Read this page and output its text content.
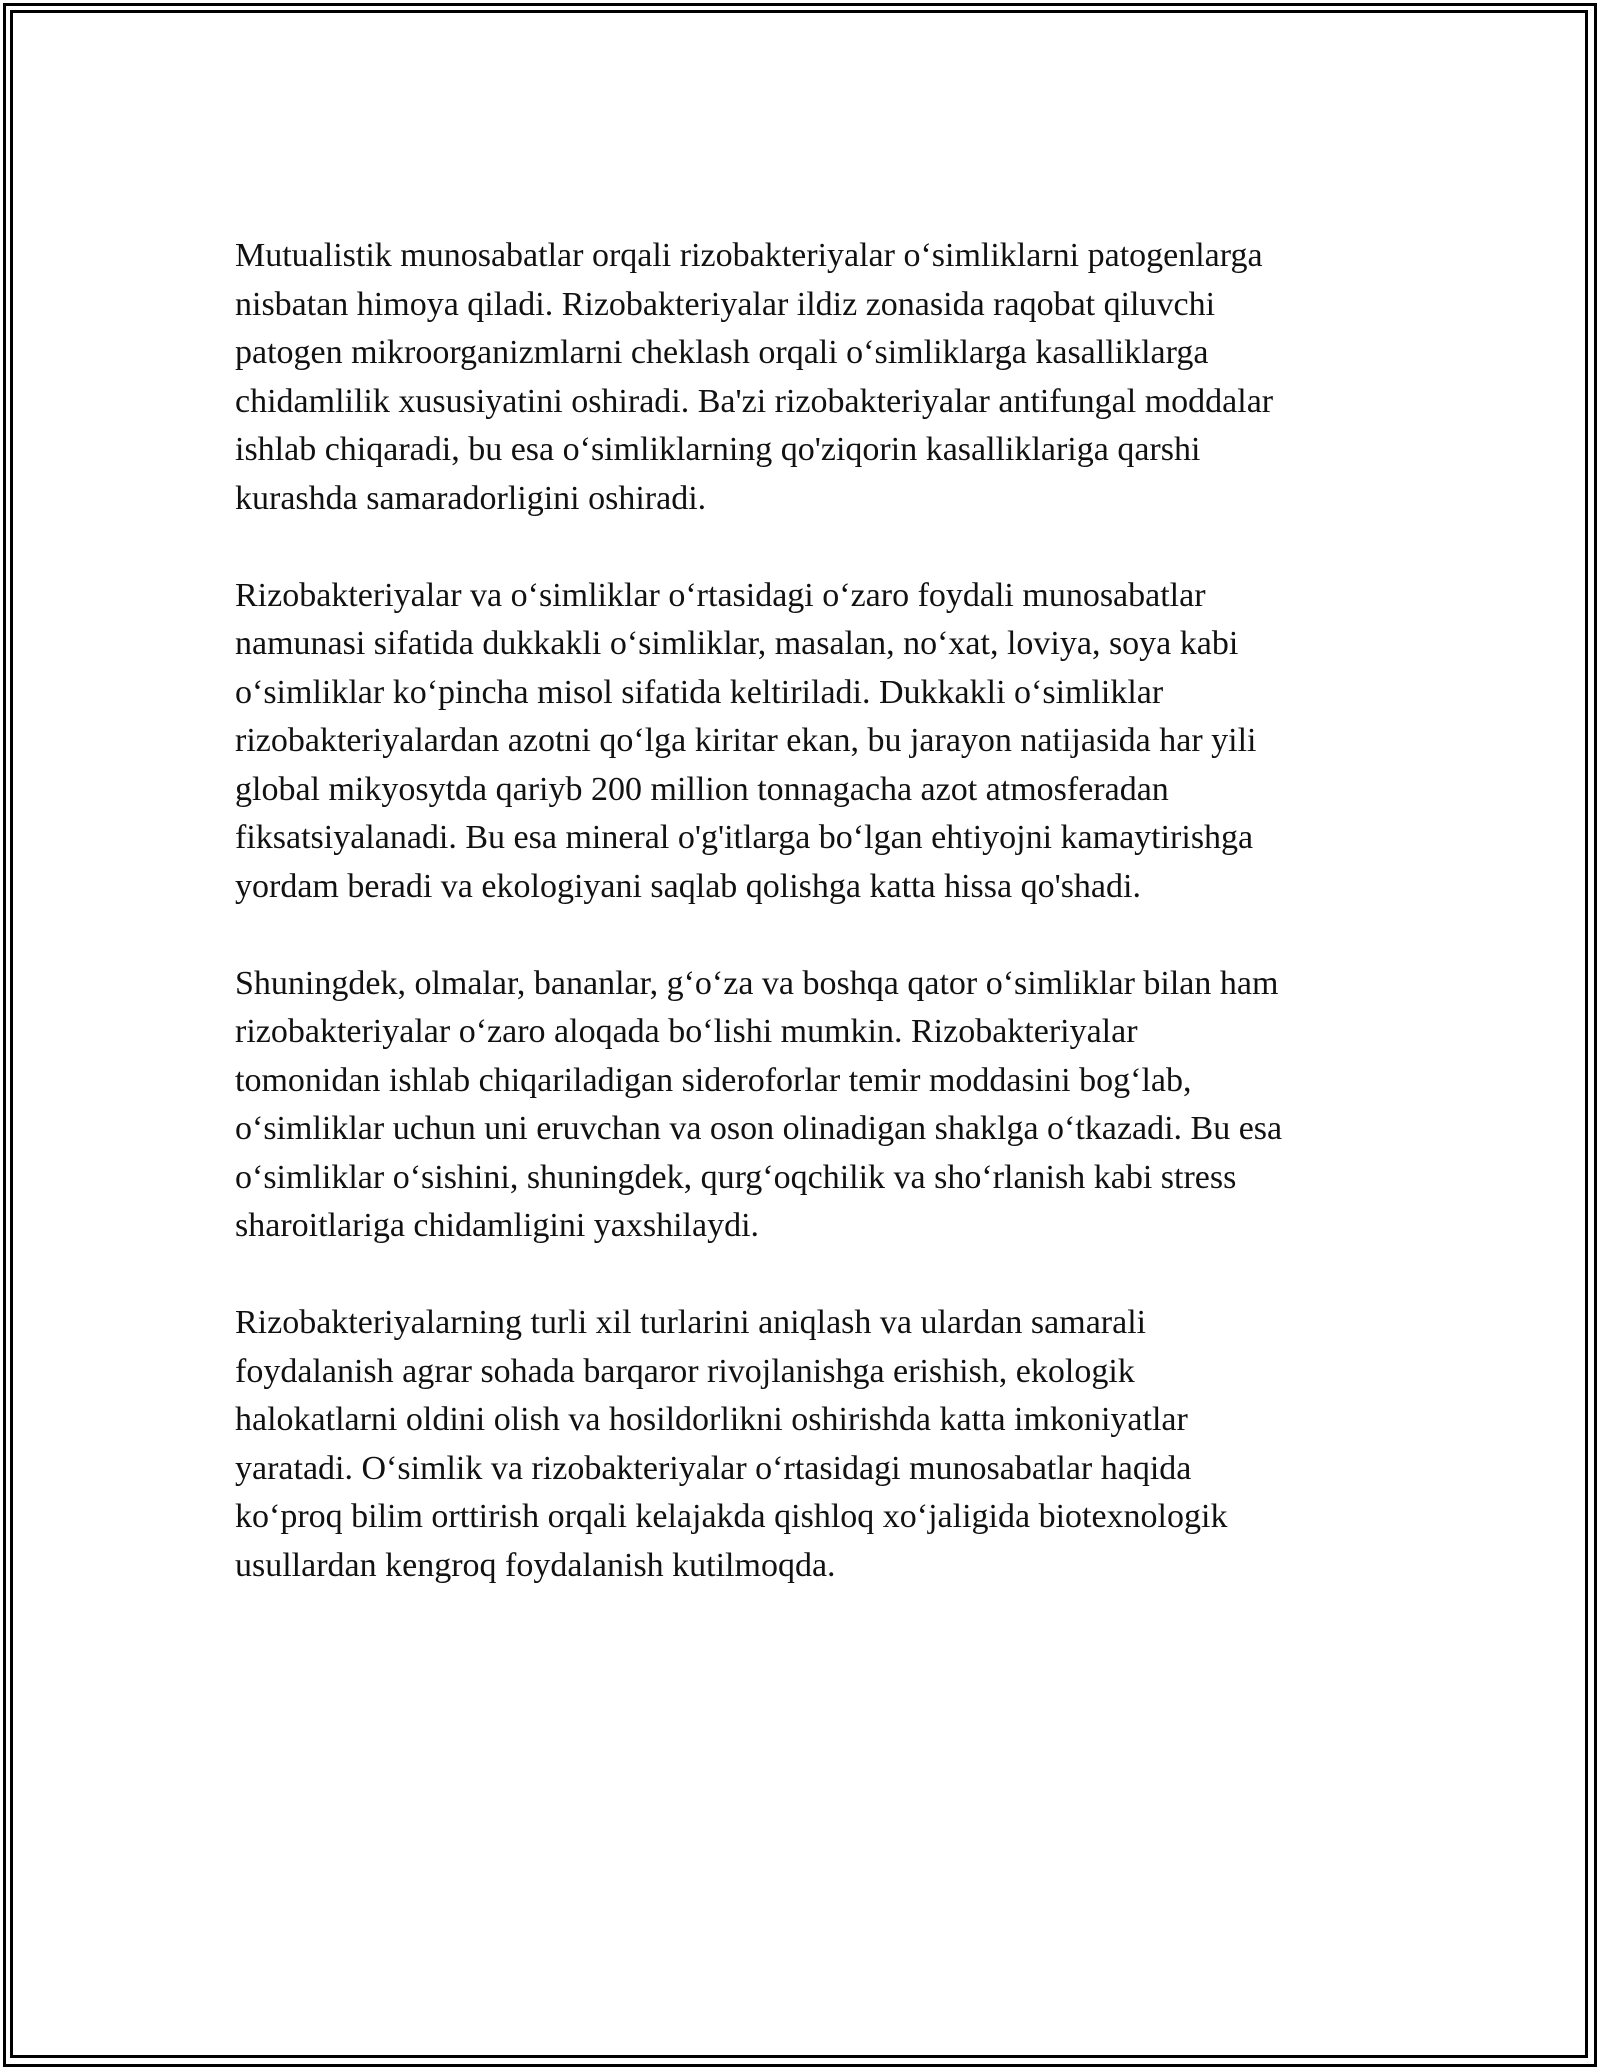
Mutualistik munosabatlar orqali rizobakteriyalar o‘simliklarni patogenlarga
nisbatan himoya qiladi. Rizobakteriyalar ildiz zonasida raqobat qiluvchi
patogen mikroorganizmlarni cheklash orqali o‘simliklarga kasalliklarga
chidamlilik xususiyatini oshiradi. Ba'zi rizobakteriyalar antifungal moddalar
ishlab chiqaradi, bu esa o‘simliklarning qo'ziqorin kasalliklariga qarshi
kurashda samaradorligini oshiradi.

Rizobakteriyalar va o‘simliklar o‘rtasidagi o‘zaro foydali munosabatlar
namunasi sifatida dukkakli o‘simliklar, masalan, no‘xat, loviya, soya kabi
o‘simliklar ko‘pincha misol sifatida keltiriladi. Dukkakli o‘simliklar
rizobakteriyalardan azotni qo‘lga kiritar ekan, bu jarayon natijasida har yili
global mikyosytda qariyb 200 million tonnagacha azot atmosferadan
fiksatsiyalanadi. Bu esa mineral o'g'itlarga bo‘lgan ehtiyojni kamaytirishga
yordam beradi va ekologiyani saqlab qolishga katta hissa qo'shadi.

Shuningdek, olmalar, bananlar, g‘o‘za va boshqa qator o‘simliklar bilan ham
rizobakteriyalar o‘zaro aloqada bo‘lishi mumkin. Rizobakteriyalar
tomonidan ishlab chiqariladigan sideroforlar temir moddasini bog‘lab,
o‘simliklar uchun uni eruvchan va oson olinadigan shaklga o‘tkazadi. Bu esa
o‘simliklar o‘sishini, shuningdek, qurg‘oqchilik va sho‘rlanish kabi stress
sharoitlariga chidamligini yaxshilaydi.

Rizobakteriyalarning turli xil turlarini aniqlash va ulardan samarali
foydalanish agrar sohada barqaror rivojlanishga erishish, ekologik
halokatlarni oldini olish va hosildorlikni oshirishda katta imkoniyatlar
yaratadi. O‘simlik va rizobakteriyalar o‘rtasidagi munosabatlar haqida
ko‘proq bilim orttirish orqali kelajakda qishloq xo‘jaligida biotexnologik
usullardan kengroq foydalanish kutilmoqda.
